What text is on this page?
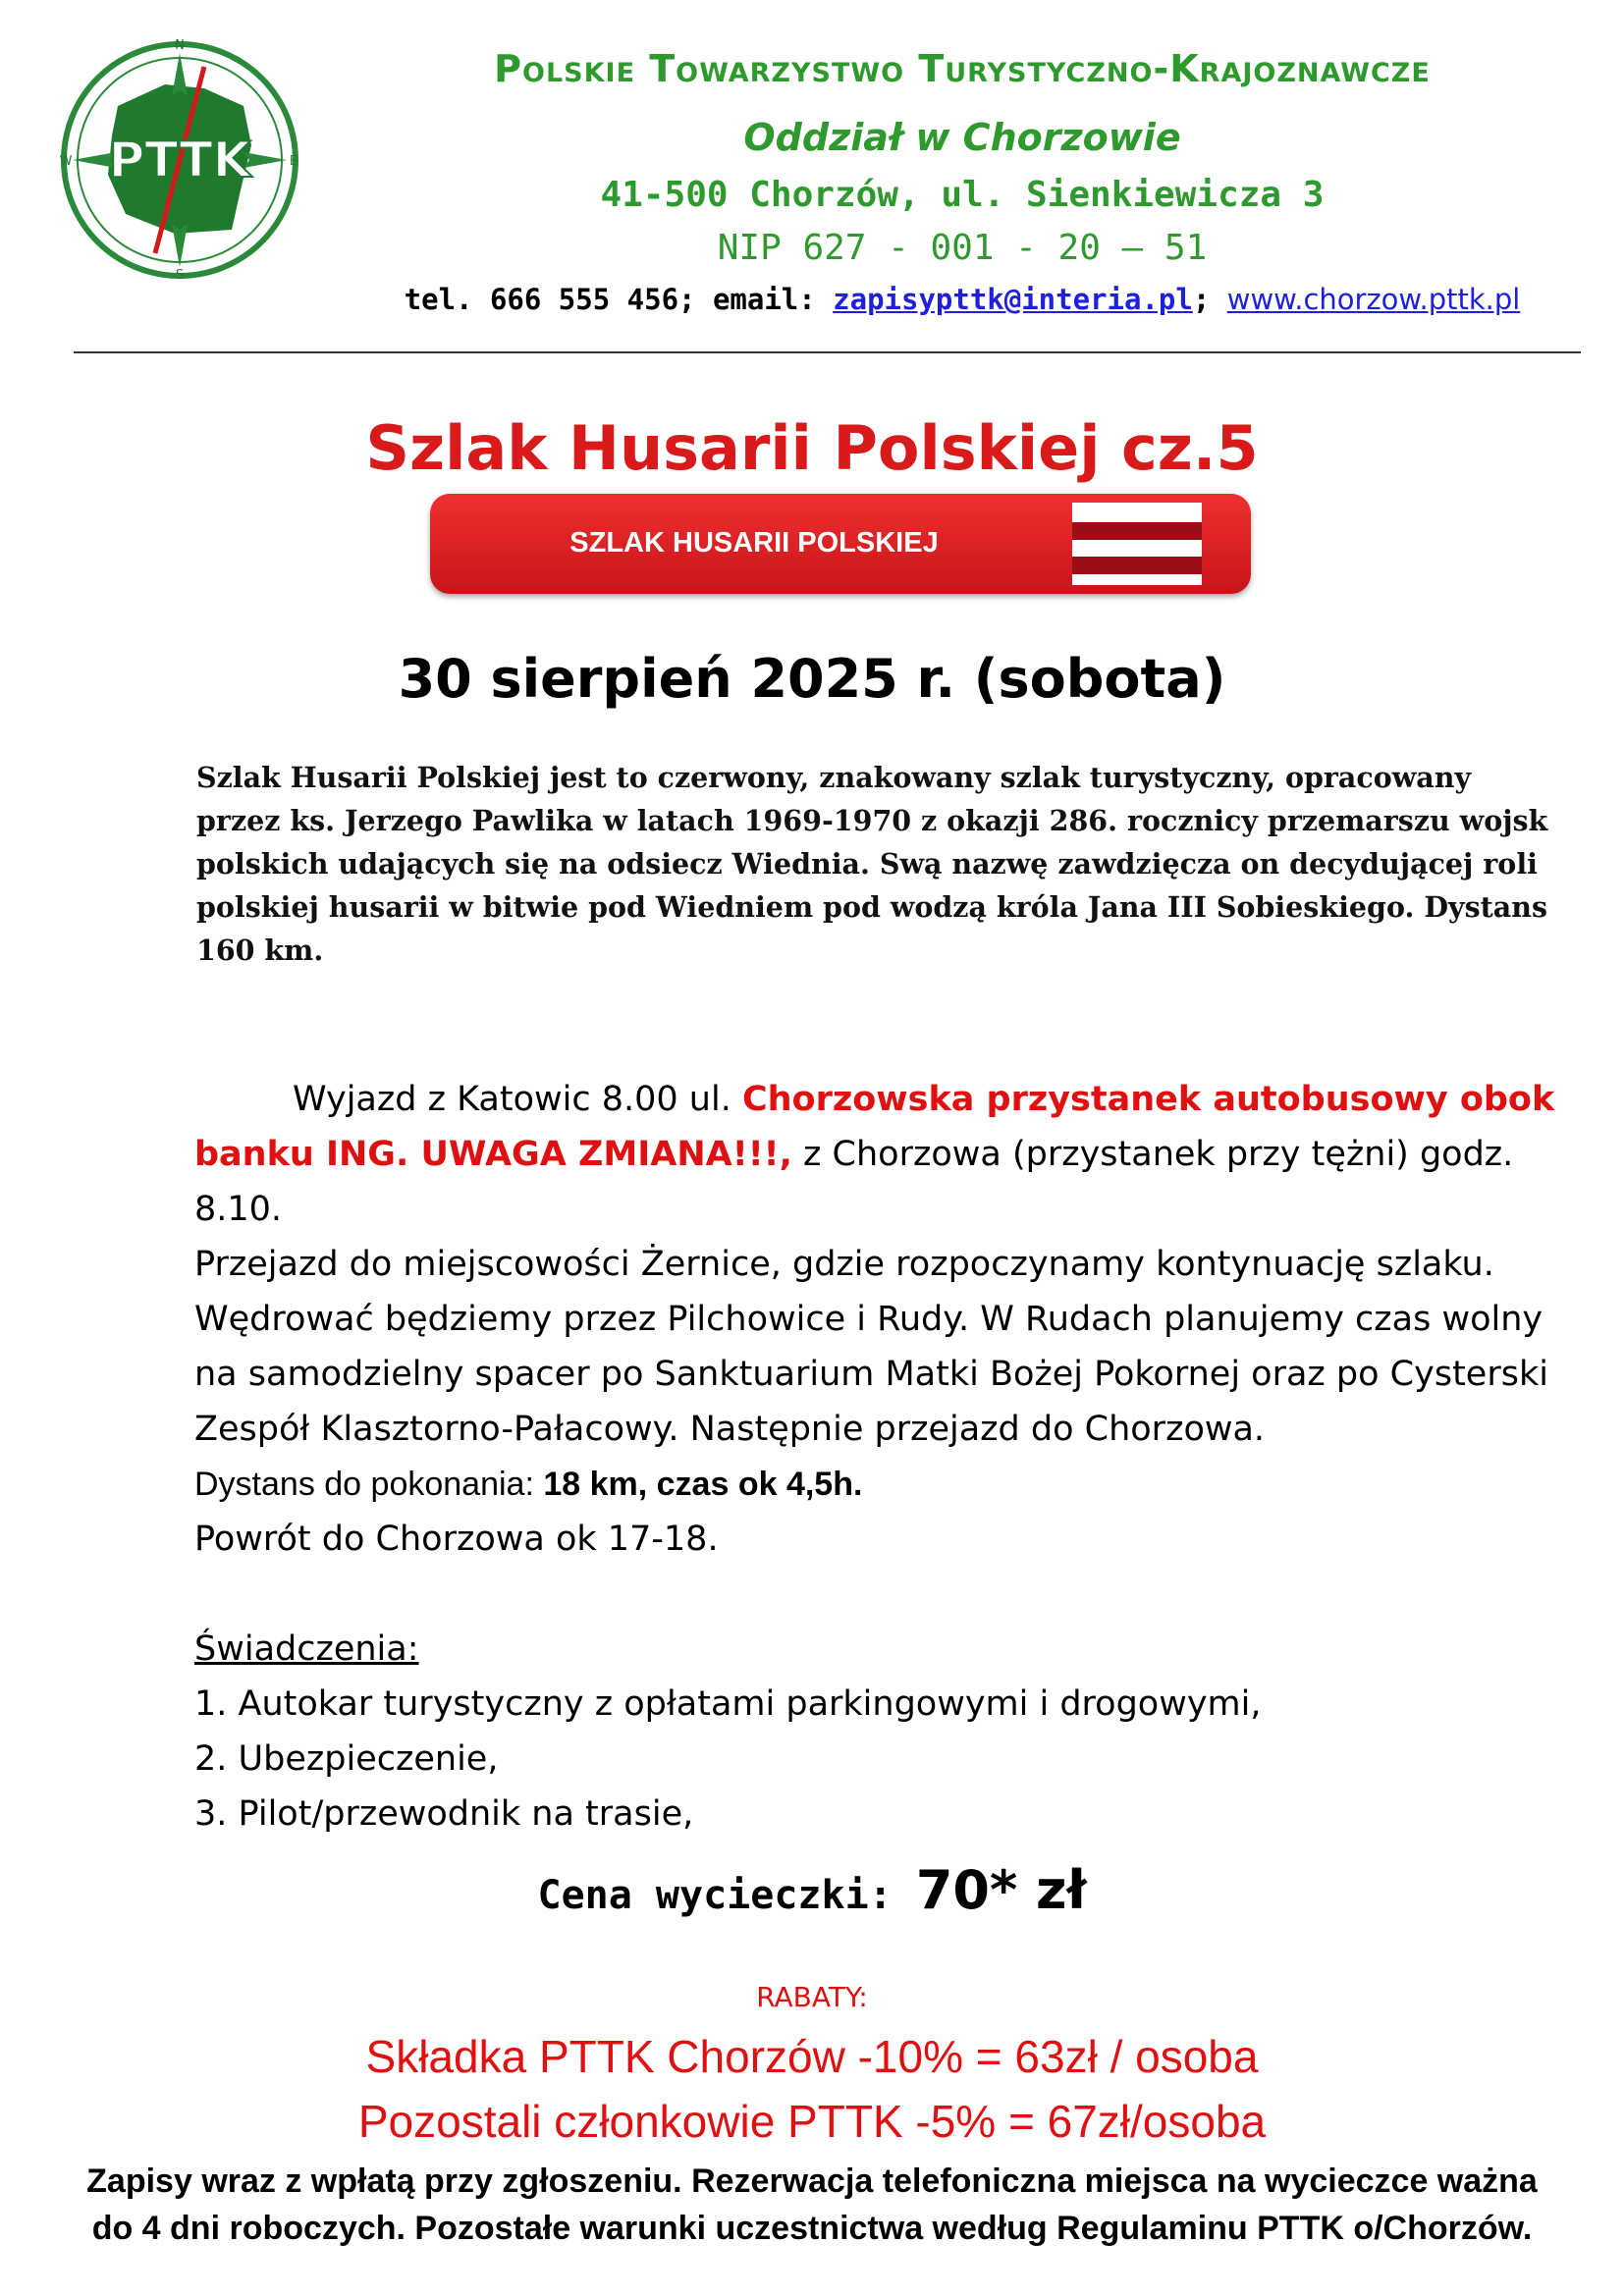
N
S
W	E
PTTK
Polskie Towarzystwo Turystyczno-Krajoznawcze
Oddział w Chorzowie
41-500 Chorzów, ul. Sienkiewicza 3
NIP 627 - 001 - 20 – 51
tel. 666 555 456; email: zapisypttk@interia.pl; www.chorzow.pttk.pl
Szlak Husarii Polskiej cz.5
SZLAK HUSARII POLSKIEJ
30 sierpień 2025 r. (sobota)
Szlak Husarii Polskiej jest to czerwony, znakowany szlak turystyczny, opracowany przez ks. Jerzego Pawlika w latach 1969-1970 z okazji 286. rocznicy przemarszu wojsk polskich udających się na odsiecz Wiednia. Swą nazwę zawdzięcza on decydującej roli polskiej husarii w bitwie pod Wiedniem pod wodzą króla Jana III Sobieskiego. Dystans 160 km.
Wyjazd z Katowic 8.00 ul. Chorzowska przystanek autobusowy obok banku ING. UWAGA ZMIANA!!!, z Chorzowa (przystanek przy tężni) godz. 8.10.
Przejazd do miejscowości Żernice, gdzie rozpoczynamy kontynuację szlaku. Wędrować będziemy przez Pilchowice i Rudy. W Rudach planujemy czas wolny na samodzielny spacer po Sanktuarium Matki Bożej Pokornej oraz po Cysterski Zespół Klasztorno-Pałacowy. Następnie przejazd do Chorzowa.
Dystans do pokonania: 18 km, czas ok 4,5h.
Powrót do Chorzowa ok 17-18.
Świadczenia:
1. Autokar turystyczny z opłatami parkingowymi i drogowymi,
2. Ubezpieczenie,
3. Pilot/przewodnik na trasie,
Cena wycieczki: 70* zł
RABATY:
Składka PTTK Chorzów -10% = 63zł / osoba
Pozostali członkowie PTTK -5% = 67zł/osoba
Zapisy wraz z wpłatą przy zgłoszeniu. Rezerwacja telefoniczna miejsca na wycieczce ważna do 4 dni roboczych. Pozostałe warunki uczestnictwa według Regulaminu PTTK o/Chorzów.
